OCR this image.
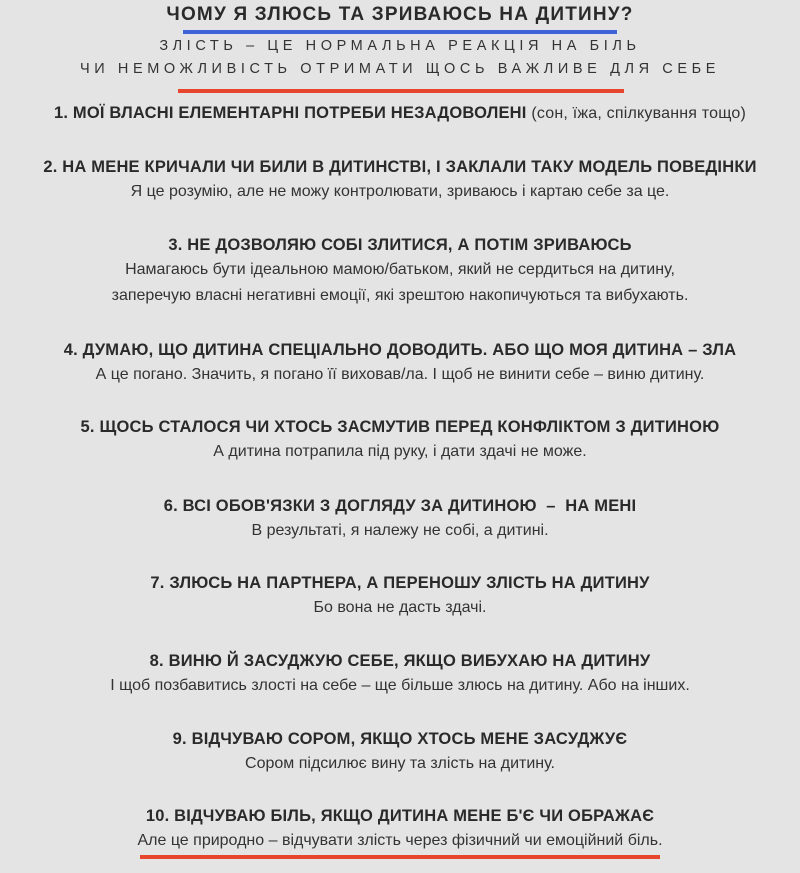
ЧОМУ Я ЗЛЮСЬ ТА ЗРИВАЮСЬ НА ДИТИНУ?
ЗЛІСТЬ – ЦЕ НОРМАЛЬНА РЕАКЦІЯ НА БІЛЬ
ЧИ НЕМОЖЛИВІСТЬ ОТРИМАТИ ЩОСЬ ВАЖЛИВЕ ДЛЯ СЕБЕ
1. МОЇ ВЛАСНІ ЕЛЕМЕНТАРНІ ПОТРЕБИ НЕЗАДОВОЛЕНІ (сон, їжа, спілкування тощо)
2. НА МЕНЕ КРИЧАЛИ ЧИ БИЛИ В ДИТИНСТВІ, І ЗАКЛАЛИ ТАКУ МОДЕЛЬ ПОВЕДІНКИ
Я це розумію, але не можу контролювати, зриваюсь і картаю себе за це.
3. НЕ ДОЗВОЛЯЮ СОБІ ЗЛИТИСЯ, А ПОТІМ ЗРИВАЮСЬ
Намагаюсь бути ідеальною мамою/батьком, який не сердиться на дитину,
заперечую власні негативні емоції, які зрештою накопичуються та вибухають.
4. ДУМАЮ, ЩО ДИТИНА СПЕЦІАЛЬНО ДОВОДИТЬ. АБО ЩО МОЯ ДИТИНА – ЗЛА
А це погано. Значить, я погано її виховав/ла. І щоб не винити себе – виню дитину.
5. ЩОСЬ СТАЛОСЯ ЧИ ХТОСЬ ЗАСМУТИВ ПЕРЕД КОНФЛІКТОМ З ДИТИНОЮ
А дитина потрапила під руку, і дати здачі не може.
6. ВСІ ОБОВ'ЯЗКИ З ДОГЛЯДУ ЗА ДИТИНОЮ  –  НА МЕНІ
В результаті, я належу не собі, а дитині.
7. ЗЛЮСЬ НА ПАРТНЕРА, А ПЕРЕНОШУ ЗЛІСТЬ НА ДИТИНУ
Бо вона не дасть здачі.
8. ВИНЮ Й ЗАСУДЖУЮ СЕБЕ, ЯКЩО ВИБУХАЮ НА ДИТИНУ
І щоб позбавитись злості на себе – ще більше злюсь на дитину. Або на інших.
9. ВІДЧУВАЮ СОРОМ, ЯКЩО ХТОСЬ МЕНЕ ЗАСУДЖУЄ
Сором підсилює вину та злість на дитину.
10. ВІДЧУВАЮ БІЛЬ, ЯКЩО ДИТИНА МЕНЕ Б'Є ЧИ ОБРАЖАЄ
Але це природно – відчувати злість через фізичний чи емоційний біль.
